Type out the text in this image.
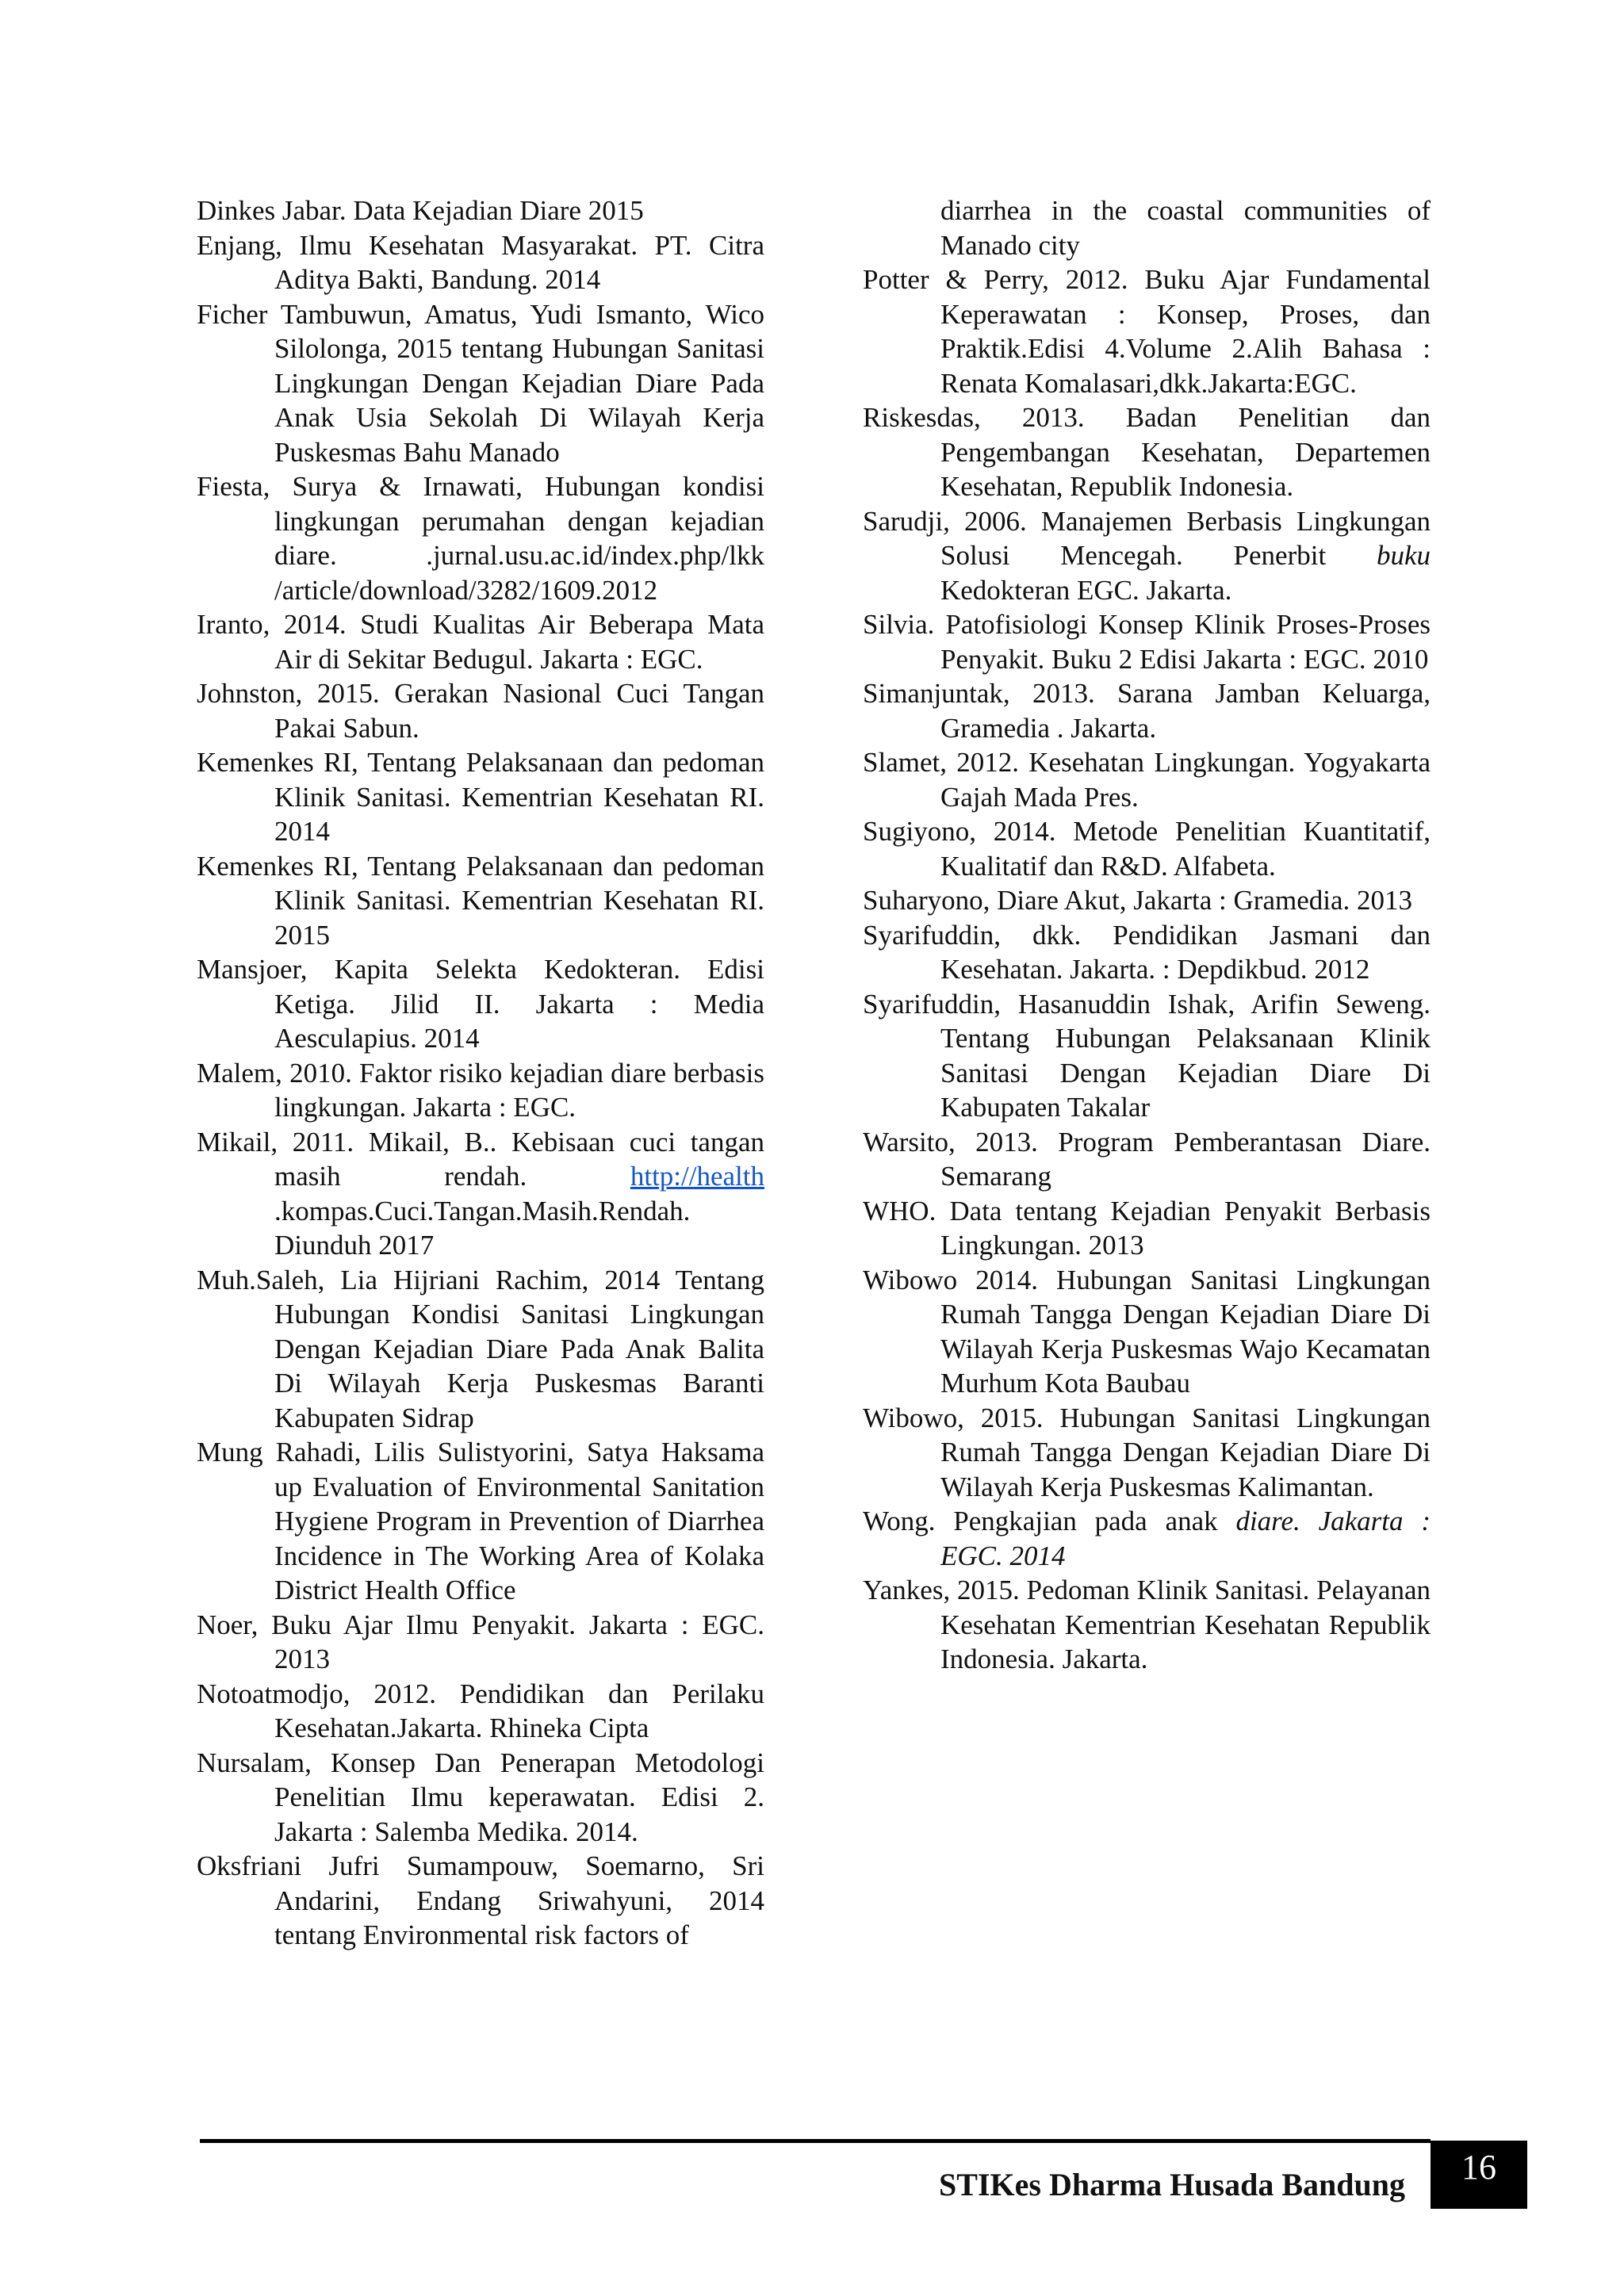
Dinkes Jabar. Data Kejadian Diare 2015

Enjang, Ilmu Kesehatan Masyarakat. PT. Citra Aditya Bakti, Bandung. 2014

Ficher Tambuwun, Amatus, Yudi Ismanto, Wico Silolonga, 2015 tentang Hubungan Sanitasi Lingkungan Dengan Kejadian Diare Pada Anak Usia Sekolah Di Wilayah Kerja Puskesmas Bahu Manado

Fiesta, Surya & Irnawati, Hubungan kondisi lingkungan perumahan dengan kejadian diare. .jurnal.usu.ac.id/index.php/lkk /article/download/3282/1609.2012

Iranto, 2014. Studi Kualitas Air Beberapa Mata Air di Sekitar Bedugul. Jakarta : EGC.

Johnston, 2015. Gerakan Nasional Cuci Tangan Pakai Sabun.

Kemenkes RI, Tentang Pelaksanaan dan pedoman Klinik Sanitasi. Kementrian Kesehatan RI. 2014

Kemenkes RI, Tentang Pelaksanaan dan pedoman Klinik Sanitasi. Kementrian Kesehatan RI. 2015

Mansjoer, Kapita Selekta Kedokteran. Edisi Ketiga. Jilid II. Jakarta : Media Aesculapius. 2014

Malem, 2010. Faktor risiko kejadian diare berbasis lingkungan. Jakarta : EGC.

Mikail, 2011. Mikail, B.. Kebisaan cuci tangan masih rendah. http://health .kompas.Cuci.Tangan.Masih.Rendah. Diunduh 2017

Muh.Saleh, Lia Hijriani Rachim, 2014 Tentang Hubungan Kondisi Sanitasi Lingkungan Dengan Kejadian Diare Pada Anak Balita Di Wilayah Kerja Puskesmas Baranti Kabupaten Sidrap

Mung Rahadi, Lilis Sulistyorini, Satya Haksama up Evaluation of Environmental Sanitation Hygiene Program in Prevention of Diarrhea Incidence in The Working Area of Kolaka District Health Office

Noer, Buku Ajar Ilmu Penyakit. Jakarta : EGC. 2013

Notoatmodjo, 2012. Pendidikan dan Perilaku Kesehatan.Jakarta. Rhineka Cipta

Nursalam, Konsep Dan Penerapan Metodologi Penelitian Ilmu keperawatan. Edisi 2. Jakarta : Salemba Medika. 2014.

Oksfriani Jufri Sumampouw, Soemarno, Sri Andarini, Endang Sriwahyuni, 2014 tentang Environmental risk factors of

diarrhea in the coastal communities of Manado city

Potter & Perry, 2012. Buku Ajar Fundamental Keperawatan : Konsep, Proses, dan Praktik.Edisi 4.Volume 2.Alih Bahasa : Renata Komalasari,dkk.Jakarta:EGC.

Riskesdas, 2013. Badan Penelitian dan Pengembangan Kesehatan, Departemen Kesehatan, Republik Indonesia.

Sarudji, 2006. Manajemen Berbasis Lingkungan Solusi Mencegah. Penerbit buku Kedokteran EGC. Jakarta.

Silvia. Patofisiologi Konsep Klinik Proses-Proses Penyakit. Buku 2 Edisi Jakarta : EGC. 2010

Simanjuntak, 2013. Sarana Jamban Keluarga, Gramedia . Jakarta.

Slamet, 2012. Kesehatan Lingkungan. Yogyakarta Gajah Mada Pres.

Sugiyono, 2014. Metode Penelitian Kuantitatif, Kualitatif dan R&D. Alfabeta.

Suharyono, Diare Akut, Jakarta : Gramedia. 2013

Syarifuddin, dkk. Pendidikan Jasmani dan Kesehatan. Jakarta. : Depdikbud. 2012

Syarifuddin, Hasanuddin Ishak, Arifin Seweng. Tentang Hubungan Pelaksanaan Klinik Sanitasi Dengan Kejadian Diare Di Kabupaten Takalar

Warsito, 2013. Program Pemberantasan Diare. Semarang

WHO. Data tentang Kejadian Penyakit Berbasis Lingkungan. 2013

Wibowo 2014. Hubungan Sanitasi Lingkungan Rumah Tangga Dengan Kejadian Diare Di Wilayah Kerja Puskesmas Wajo Kecamatan Murhum Kota Baubau

Wibowo, 2015. Hubungan Sanitasi Lingkungan Rumah Tangga Dengan Kejadian Diare Di Wilayah Kerja Puskesmas Kalimantan.

Wong. Pengkajian pada anak diare. Jakarta : EGC. 2014

Yankes, 2015. Pedoman Klinik Sanitasi. Pelayanan Kesehatan Kementrian Kesehatan Republik Indonesia. Jakarta.

STIKes Dharma Husada Bandung	16
